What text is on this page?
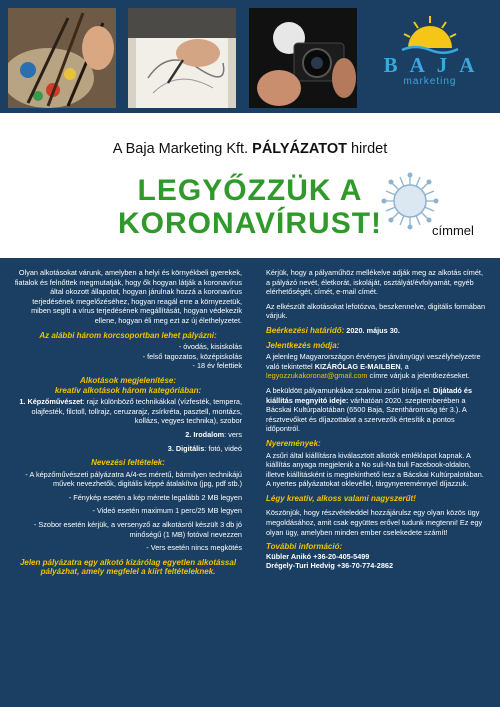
BAJA
marketing
A Baja Marketing Kft. PÁLYÁZATOT hirdet
LEGYŐZZÜK A
KORONAVÍRUST!	címmel
Olyan alkotásokat várunk, amelyben a helyi és környékbeli gyerekek, fiatalok és felnőttek megmutatják, hogy ők hogyan látják a koronavírus által okozott állapotot, hogyan járulnak hozzá a koronavírus terjedésének megelőzéséhez, hogyan reagál erre a környezetük, miben segíti a vírus terjedésének megállítását, hogyan védekezik ellene, hogyan éli meg ezt az új élethelyzetet.
Az alábbi három korcsoportban lehet pályázni:
- óvodás, kisiskolás
- felső tagozatos, középiskolás
- 18 év felettiek
Alkotások megjelenítése:
kreatív alkotások három kategóriában:
1. Képzőművészet: rajz különböző technikákkal (vízfesték, tempera, olajfesték, filctoll, tollrajz, ceruzarajz, zsírkréta, pasztell, montázs, kollázs, vegyes technika), szobor
2. Irodalom: vers
3. Digitális: fotó, videó
Nevezési feltételek:
- A képzőművészeti pályázatra A/4-es méretű, bármilyen technikájú művek nevezhetők, digitális képpé átalakítva (jpg, pdf stb.)
- Fénykép esetén a kép mérete legalább 2 MB legyen
- Videó esetén maximum 1 perc/25 MB legyen
- Szobor esetén kérjük, a versenyző az alkotásról készült 3 db jó minőségű (1 MB) fotóval nevezzen
- Vers esetén nincs megkötés
Jelen pályázatra egy alkotó kizárólag egyetlen alkotással pályázhat, amely megfelel a kiírt feltételeknek.
Kérjük, hogy a pályaműhöz mellékelve adják meg az alkotás címét, a pályázó nevét, életkorát, iskoláját, osztályát/évfolyamát, egyéb elérhetőségét, címét, e-mail címét.
Az elkészült alkotásokat lefotózva, beszkennelve, digitális formában várjuk.
Beérkezési határidő: 2020. május 30.
Jelentkezés módja:
A jelenleg Magyarországon érvényes járványügyi veszélyhelyzetre való tekintettel KIZÁRÓLAG E-MAILBEN, a legyozzukakoronat@gmail.com címre várjuk a jelentkezéseket.
A beküldött pályamunkákat szakmai zsűri bírálja el. Díjátadó és kiállítás megnyitó ideje: várhatóan 2020. szeptemberében a Bácskai Kultúrpalotában (6500 Baja, Szentháromság tér 3.). A résztvevőket és díjazottakat a szervezők értesítik a pontos időpontról.
Nyeremények:
A zsűri által kiállításra kiválasztott alkotók emléklapot kapnak. A kiállítás anyaga megjelenik a No suli-Na buli Facebook-oldalon, illetve kiállításként is megtekinthető lesz a Bácskai Kultúrpalotában. A nyertes pályázatokat oklevéllel, tárgynyereménnyel díjazzuk.
Légy kreatív, alkoss valami nagyszerűt!
Köszönjük, hogy részvételeddel hozzájárulsz egy olyan közös ügy megoldásához, amit csak együttes erővel tudunk megtenni! Ez egy olyan ügy, amelyben minden ember cselekedete számít!
További információ:
Kübler Anikó +36-20-405-5499
Drégely-Turi Hedvig +36-70-774-2862
